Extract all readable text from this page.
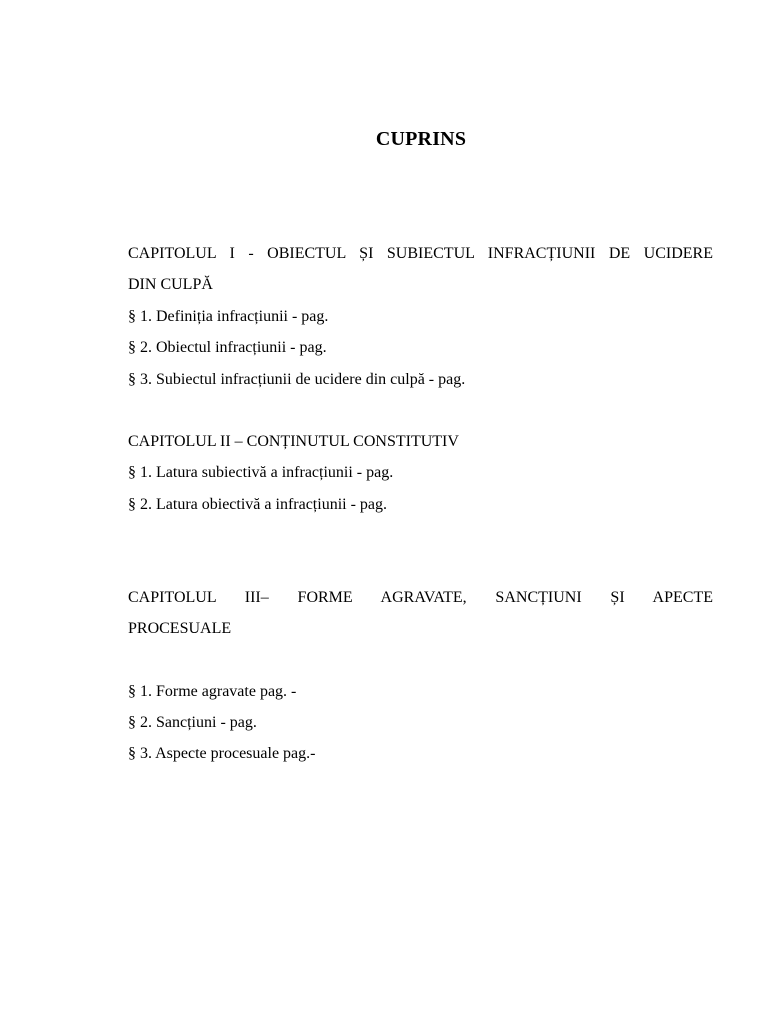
CUPRINS
CAPITOLUL I - OBIECTUL ȘI SUBIECTUL INFRACȚIUNII DE UCIDERE
DIN CULPĂ
§ 1. Definiția infracțiunii - pag.
§ 2. Obiectul infracțiunii - pag.
§ 3. Subiectul infracțiunii de ucidere din culpă - pag.
CAPITOLUL II – CONȚINUTUL CONSTITUTIV
§ 1. Latura subiectivă a infracțiunii - pag.
§ 2. Latura obiectivă a infracțiunii - pag.
CAPITOLUL III– FORME AGRAVATE, SANCȚIUNI ȘI APECTE
PROCESUALE
§ 1. Forme agravate pag. -
§ 2. Sancțiuni - pag.
§ 3. Aspecte procesuale pag.-
